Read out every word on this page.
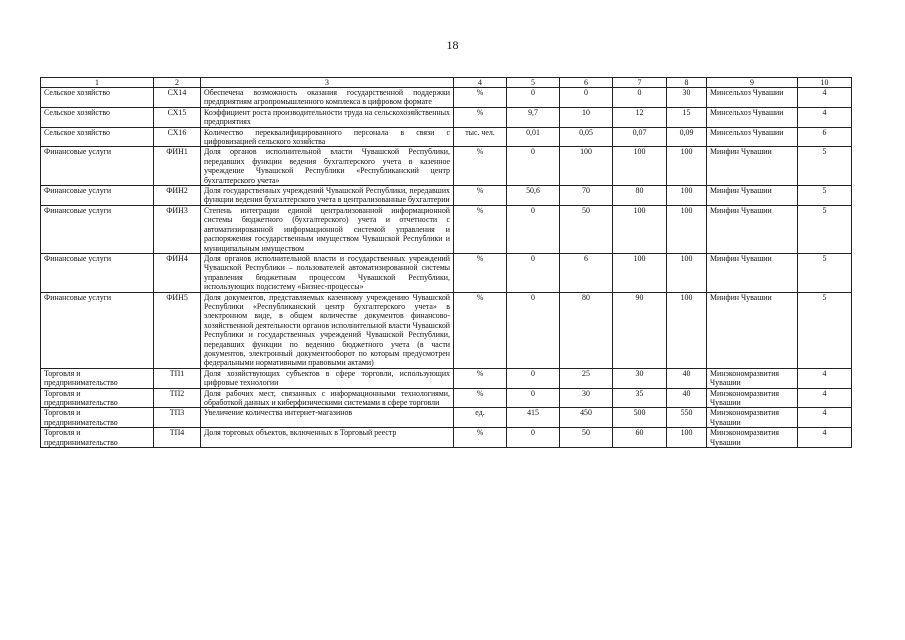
18
1	2	3	4	5	6	7	8	9	10
Сельское хозяйство	СХ14	Обеспечена возможность оказания государственной поддержки предприятиям агропромышленного комплекса в цифровом формате	%	0	0	0	30	Минсельхоз Чувашии	4
Сельское хозяйство	СХ15	Коэффициент роста производительности труда на сельскохозяйственных предприятиях	%	9,7	10	12	15	Минсельхоз Чувашии	4
Сельское хозяйство	СХ16	Количество переквалифицированного персонала в связи с цифровизацией сельского хозяйства	тыс. чел.	0,01	0,05	0,07	0,09	Минсельхоз Чувашии	6
Финансовые услуги	ФИН1	Доля органов исполнительной власти Чувашской Республики, передавших функции ведения бухгалтерского учета в казенное учреждение Чувашской Республики «Республиканский центр бухгалтерского учета»	%	0	100	100	100	Минфин Чувашии	5
Финансовые услуги	ФИН2	Доля государственных учреждений Чувашской Республики, передавших функции ведения бухгалтерского учета в централизованные бухгалтерии	%	50,6	70	80	100	Минфин Чувашии	5
Финансовые услуги	ФИН3	Степень интеграции единой централизованной информационной системы бюджетного (бухгалтерского) учета и отчетности с автоматизированной информационной системой управления и распоряжения государственным имуществом Чувашской Республики и муниципальным имуществом	%	0	50	100	100	Минфин Чувашии	5
Финансовые услуги	ФИН4	Доля органов исполнительной власти и государственных учреждений Чувашской Республики – пользователей автоматизированной системы управления бюджетным процессом Чувашской Республики, использующих подсистему «Бизнес-процессы»	%	0	6	100	100	Минфин Чувашии	5
Финансовые услуги	ФИН5	Доля документов, представляемых казенному учреждению Чувашской Республики «Республиканский центр бухгалтерского учета» в электронном виде, в общем количестве документов финансово-хозяйственной деятельности органов исполнительной власти Чувашской Республики и государственных учреждений Чувашской Республики, передавших функции по ведению бюджетного учета (в части документов, электронный документооборот по которым предусмотрен федеральными нормативными правовыми актами)	%	0	80	90	100	Минфин Чувашии	5
Торговля и предпринимательство	ТП1	Доля хозяйствующих субъектов в сфере торговли, использующих цифровые технологии	%	0	25	30	40	Минэкономразвития Чувашии	4
Торговля и предпринимательство	ТП2	Доля рабочих мест, связанных с информационными технологиями, обработкой данных и киберфизическими системами в сфере торговли	%	0	30	35	40	Минэкономразвития Чувашии	4
Торговля и предпринимательство	ТП3	Увеличение количества интернет-магазинов	ед.	415	450	500	550	Минэкономразвития Чувашии	4
Торговля и предпринимательство	ТП4	Доля торговых объектов, включенных в Торговый реестр	%	0	50	60	100	Минэкономразвития Чувашии	4
